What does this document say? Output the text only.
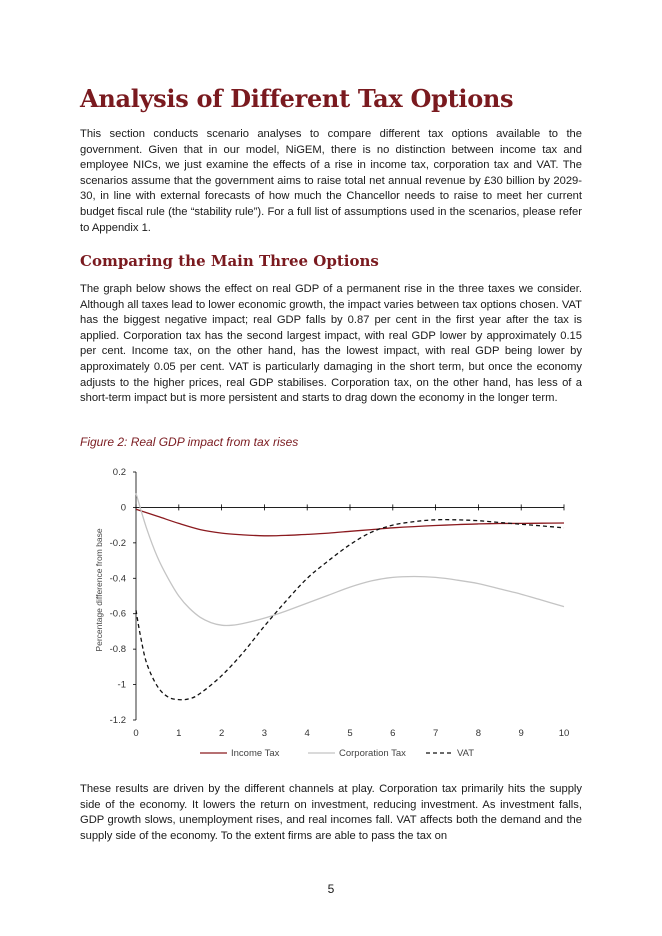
Analysis of Different Tax Options

This section conducts scenario analyses to compare different tax options available to the government. Given that in our model, NiGEM, there is no distinction between income tax and employee NICs, we just examine the effects of a rise in income tax, corporation tax and VAT. The scenarios assume that the government aims to raise total net annual revenue by £30 billion by 2029-30, in line with external forecasts of how much the Chancellor needs to raise to meet her current budget fiscal rule (the “stability rule”). For a full list of assumptions used in the scenarios, please refer to Appendix 1.

Comparing the Main Three Options

The graph below shows the effect on real GDP of a permanent rise in the three taxes we consider. Although all taxes lead to lower economic growth, the impact varies between tax options chosen. VAT has the biggest negative impact; real GDP falls by 0.87 per cent in the first year after the tax is applied. Corporation tax has the second largest impact, with real GDP lower by approximately 0.15 per cent. Income tax, on the other hand, has the lowest impact, with real GDP being lower by approximately 0.05 per cent. VAT is particularly damaging in the short term, but once the economy adjusts to the higher prices, real GDP stabilises. Corporation tax, on the other hand, has less of a short-term impact but is more persistent and starts to drag down the economy in the longer term.

Figure 2: Real GDP impact from tax rises

These results are driven by the different channels at play. Corporation tax primarily hits the supply side of the economy. It lowers the return on investment, reducing investment. As investment falls, GDP growth slows, unemployment rises, and real incomes fall. VAT affects both the demand and the supply side of the economy. To the extent firms are able to pass the tax on

0.2
0
-0.2
-0.4
-0.6
-0.8
-1
-1.2
0	1	2	3	4	5	6	7	8	9	10
Percentage difference from base
Income Tax	Corporation Tax	VAT
5
